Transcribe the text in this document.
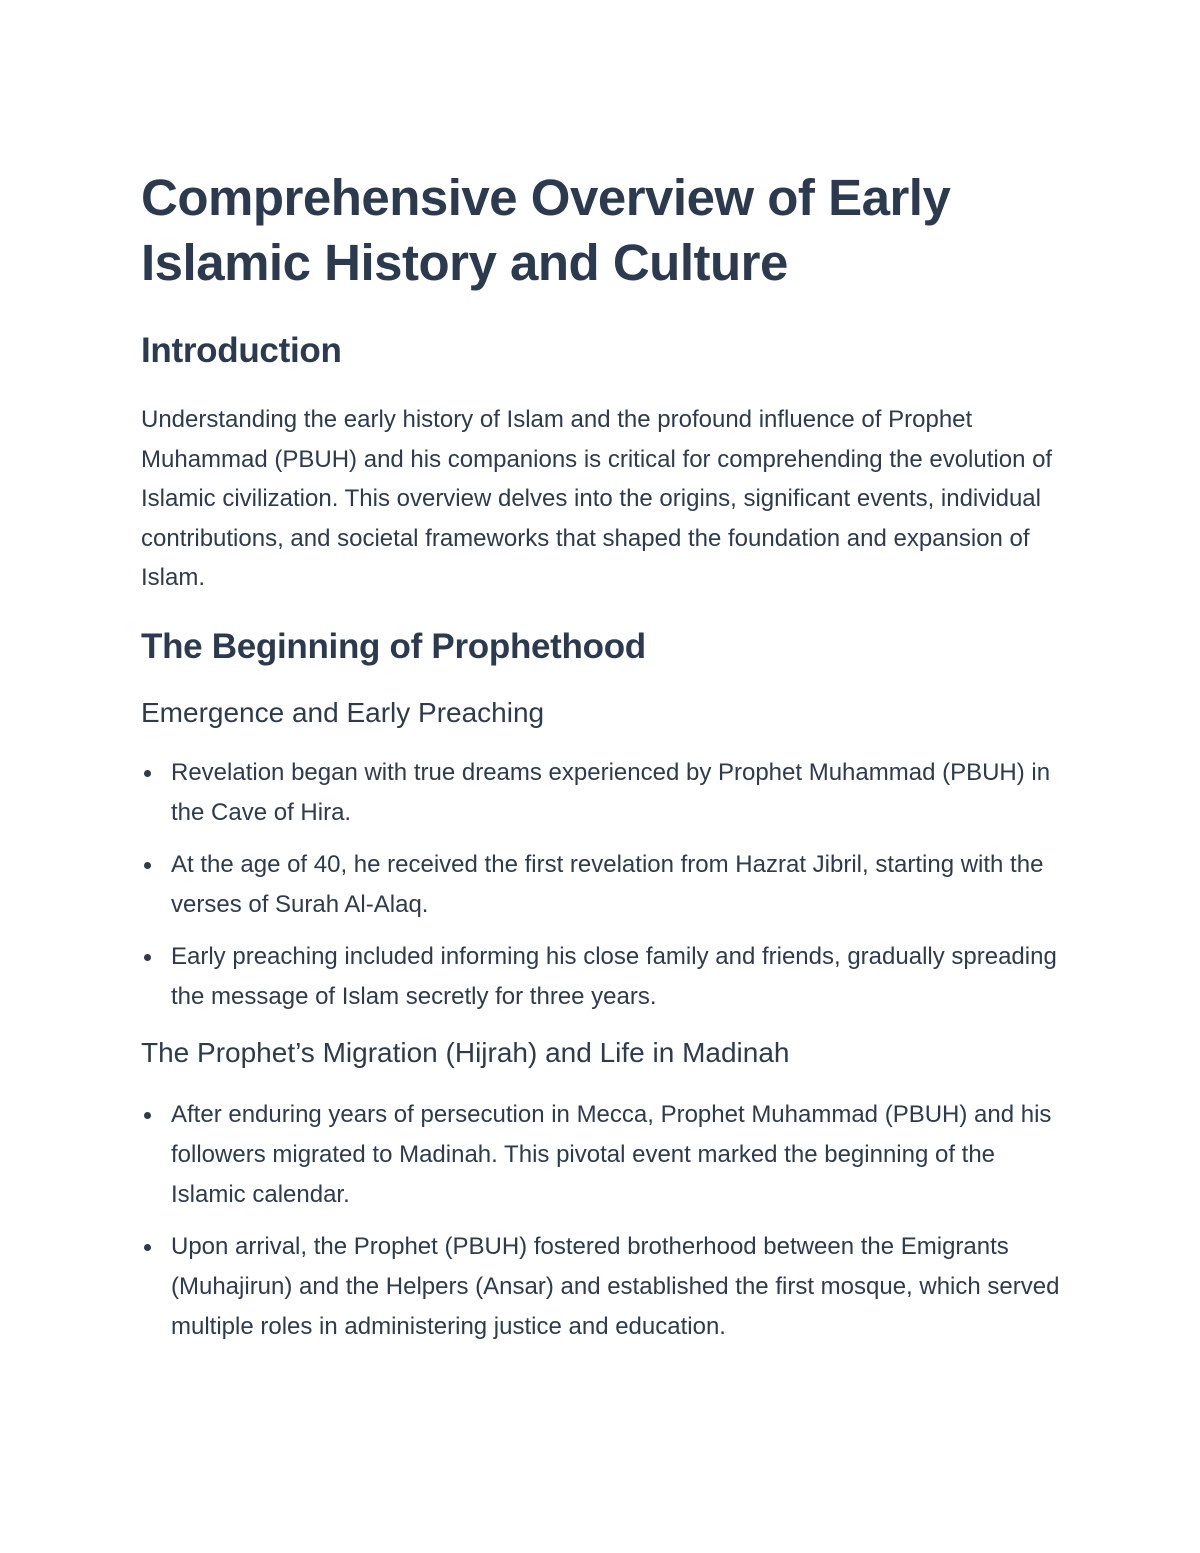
Comprehensive Overview of Early Islamic History and Culture
Introduction

Understanding the early history of Islam and the profound influence of Prophet Muhammad (PBUH) and his companions is critical for comprehending the evolution of Islamic civilization. This overview delves into the origins, significant events, individual contributions, and societal frameworks that shaped the foundation and expansion of Islam.

The Beginning of Prophethood
Emergence and Early Preaching
Revelation began with true dreams experienced by Prophet Muhammad (PBUH) in the Cave of Hira.
At the age of 40, he received the first revelation from Hazrat Jibril, starting with the verses of Surah Al-Alaq.
Early preaching included informing his close family and friends, gradually spreading the message of Islam secretly for three years.
The Prophet’s Migration (Hijrah) and Life in Madinah
After enduring years of persecution in Mecca, Prophet Muhammad (PBUH) and his followers migrated to Madinah. This pivotal event marked the beginning of the Islamic calendar.
Upon arrival, the Prophet (PBUH) fostered brotherhood between the Emigrants (Muhajirun) and the Helpers (Ansar) and established the first mosque, which served multiple roles in administering justice and education.
